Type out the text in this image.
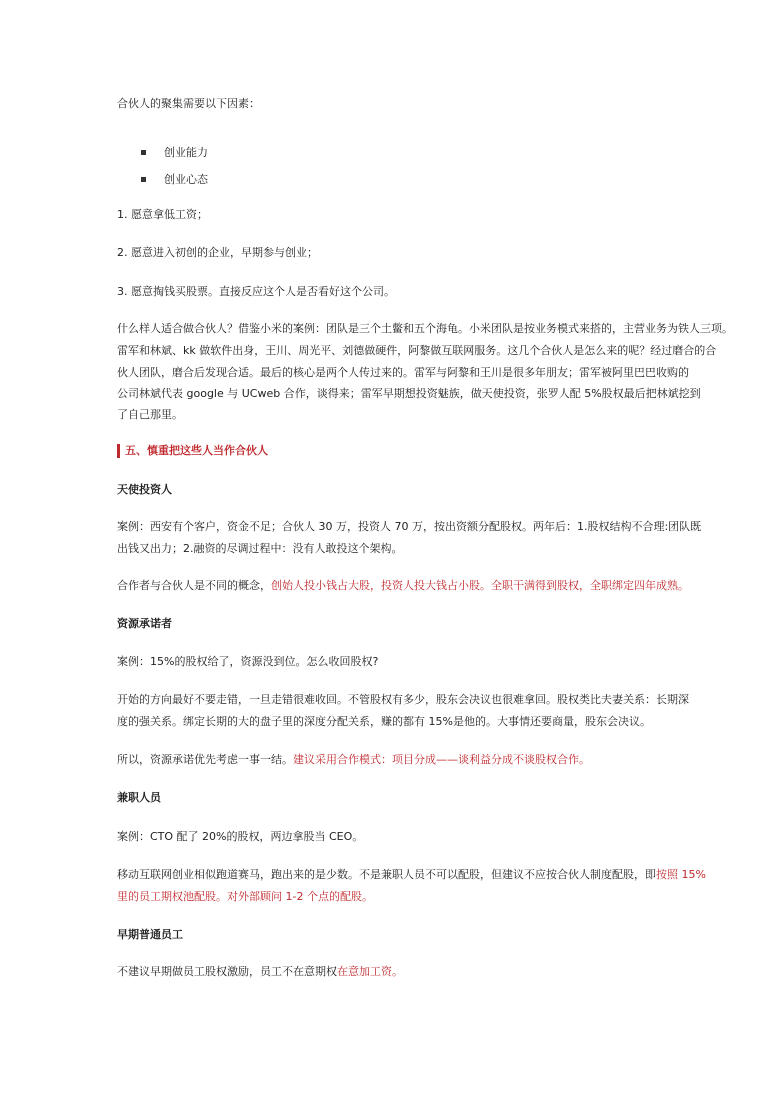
合伙人的聚集需要以下因素：
创业能力
创业心态
1. 愿意拿低工资；
2. 愿意进入初创的企业，早期参与创业；
3. 愿意掏钱买股票。直接反应这个人是否看好这个公司。
什么样人适合做合伙人？借鉴小米的案例：团队是三个土鳖和五个海龟。小米团队是按业务模式来搭的，主营业务为铁人三项。
雷军和林斌、kk 做软件出身，王川、周光平、刘德做硬件，阿黎做互联网服务。这几个合伙人是怎么来的呢？经过磨合的合
伙人团队，磨合后发现合适。最后的核心是两个人传过来的。雷军与阿黎和王川是很多年朋友；雷军被阿里巴巴收购的
公司林斌代表 google 与 UCweb 合作，谈得来；雷军早期想投资魅族，做天使投资，张罗人配 5%股权最后把林斌挖到
了自己那里。
五、慎重把这些人当作合伙人
天使投资人
案例：西安有个客户，资金不足；合伙人 30 万，投资人 70 万，按出资额分配股权。两年后：1.股权结构不合理:团队既
出钱又出力；2.融资的尽调过程中：没有人敢投这个架构。
合作者与合伙人是不同的概念，创始人投小钱占大股，投资人投大钱占小股。全职干满得到股权，全职绑定四年成熟。
资源承诺者
案例：15%的股权给了，资源没到位。怎么收回股权?
开始的方向最好不要走错，一旦走错很难收回。不管股权有多少，股东会决议也很难拿回。股权类比夫妻关系：长期深
度的强关系。绑定长期的大的盘子里的深度分配关系，赚的都有 15%是他的。大事情还要商量，股东会决议。
所以，资源承诺优先考虑一事一结。建议采用合作模式：项目分成——谈利益分成不谈股权合作。
兼职人员
案例：CTO 配了 20%的股权，两边拿股当 CEO。
移动互联网创业相似跑道赛马，跑出来的是少数。不是兼职人员不可以配股，但建议不应按合伙人制度配股，即按照 15%
里的员工期权池配股。对外部顾问 1-2 个点的配股。
早期普通员工
不建议早期做员工股权激励，员工不在意期权在意加工资。
